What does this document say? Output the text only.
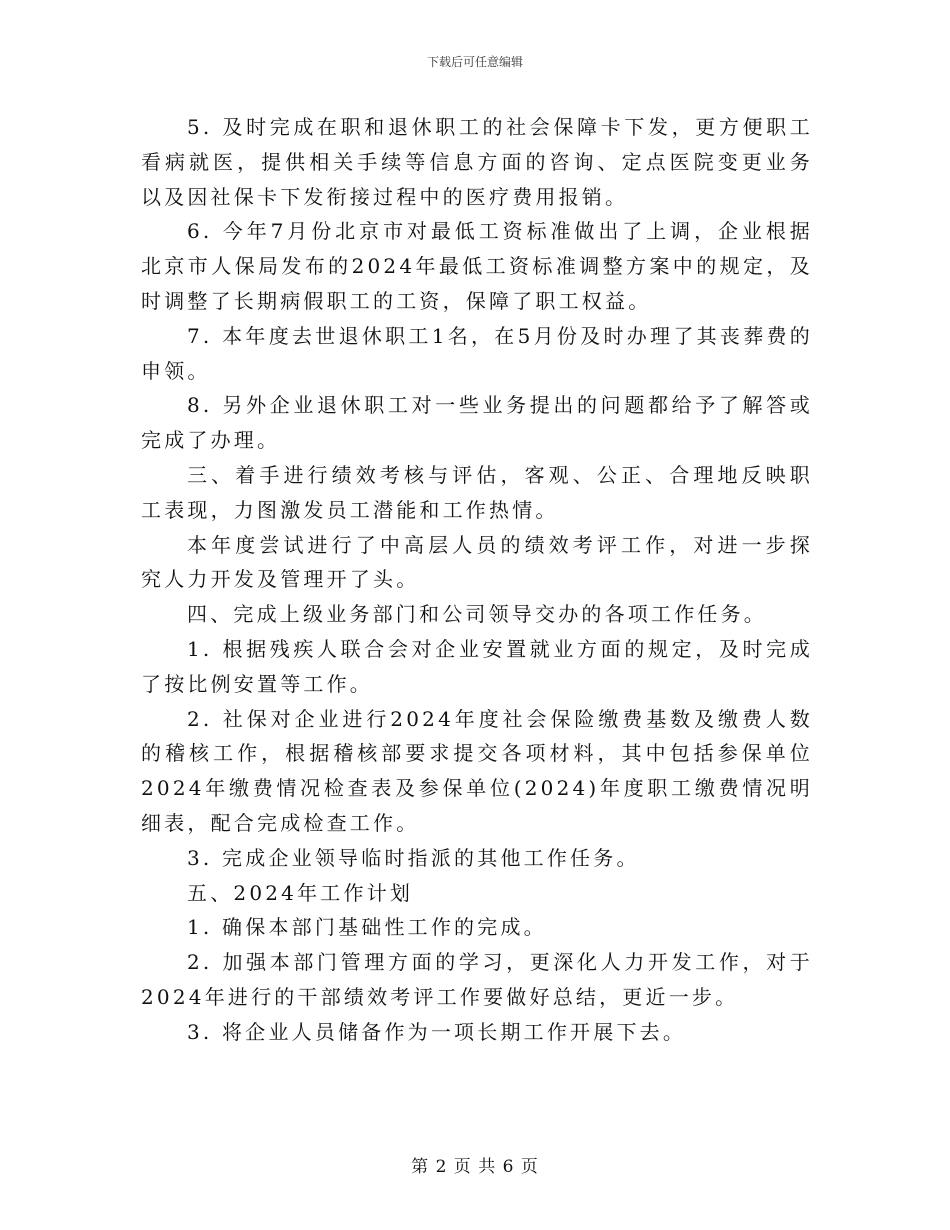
下载后可任意编辑

5. 及时完成在职和退休职工的社会保障卡下发，更方便职工看病就医，提供相关手续等信息方面的咨询、定点医院变更业务以及因社保卡下发衔接过程中的医疗费用报销。

6. 今年7月份北京市对最低工资标准做出了上调，企业根据北京市人保局发布的2024年最低工资标准调整方案中的规定，及时调整了长期病假职工的工资，保障了职工权益。

7. 本年度去世退休职工1名，在5月份及时办理了其丧葬费的申领。

8. 另外企业退休职工对一些业务提出的问题都给予了解答或完成了办理。

三、着手进行绩效考核与评估，客观、公正、合理地反映职工表现，力图激发员工潜能和工作热情。

本年度尝试进行了中高层人员的绩效考评工作，对进一步探究人力开发及管理开了头。

四、完成上级业务部门和公司领导交办的各项工作任务。

1. 根据残疾人联合会对企业安置就业方面的规定，及时完成了按比例安置等工作。

2. 社保对企业进行2024年度社会保险缴费基数及缴费人数的稽核工作，根据稽核部要求提交各项材料，其中包括参保单位2024年缴费情况检查表及参保单位(2024)年度职工缴费情况明细表，配合完成检查工作。

3. 完成企业领导临时指派的其他工作任务。

五、2024年工作计划

1. 确保本部门基础性工作的完成。

2. 加强本部门管理方面的学习，更深化人力开发工作，对于2024年进行的干部绩效考评工作要做好总结，更近一步。

3. 将企业人员储备作为一项长期工作开展下去。

第 2 页 共 6 页
